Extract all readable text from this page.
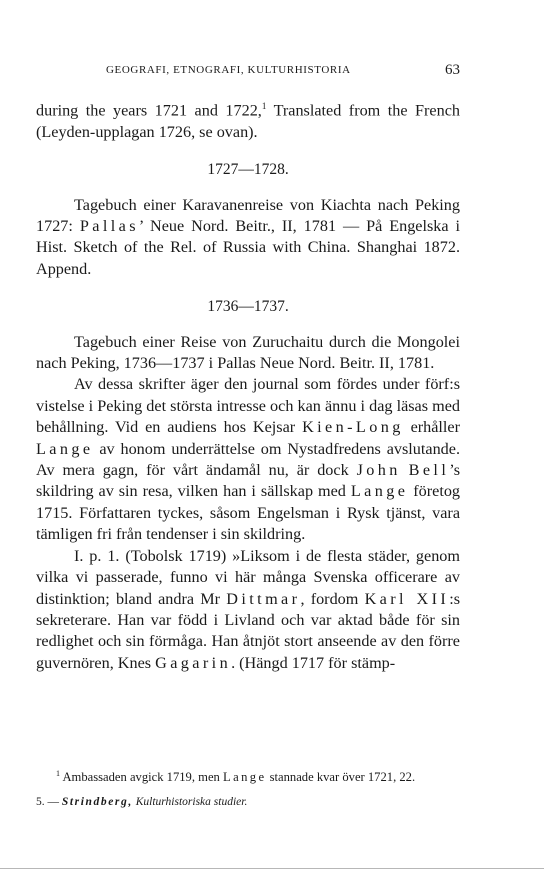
GEOGRAFI, ETNOGRAFI, KULTURHISTORIA	63

during the years 1721 and 1722,$^1$ Translated from the French (Leyden-upplagan 1726, se ovan).

1727—1728.

Tagebuch einer Karavanenreise von Kiachta nach Peking 1727: Pallas’ Neue Nord. Beitr., II, 1781 — På Engelska i Hist. Sketch of the Rel. of Russia with China. Shanghai 1872. Append.

1736—1737.

Tagebuch einer Reise von Zuruchaitu durch die Mongolei nach Peking, 1736—1737 i Pallas Neue Nord. Beitr. II, 1781.

Av dessa skrifter äger den journal som fördes under förf:s vistelse i Peking det största intresse och kan ännu i dag läsas med behållning. Vid en audiens hos Kejsar Kien-Long erhåller Lange av honom underrättelse om Nystadfredens avslutande. Av mera gagn, för vårt ändamål nu, är dock John Bell’s skildring av sin resa, vilken han i sällskap med Lange företog 1715. Författaren tyckes, såsom Engelsman i Rysk tjänst, vara tämligen fri från tendenser i sin skildring.

I. p. 1. (Tobolsk 1719) »Liksom i de flesta städer, genom vilka vi passerade, funno vi här många Svenska officerare av distinktion; bland andra Mr Dittmar, fordom Karl XII:s sekreterare. Han var född i Livland och var aktad både för sin redlighet och sin förmåga. Han åtnjöt stort anseende av den förre guvernören, Knes Gagarin. (Hängd 1717 för stämp-

$^1$ Ambassaden avgick 1719, men Lange stannade kvar över 1721, 22.

5. — Strindberg, Kulturhistoriska studier.
